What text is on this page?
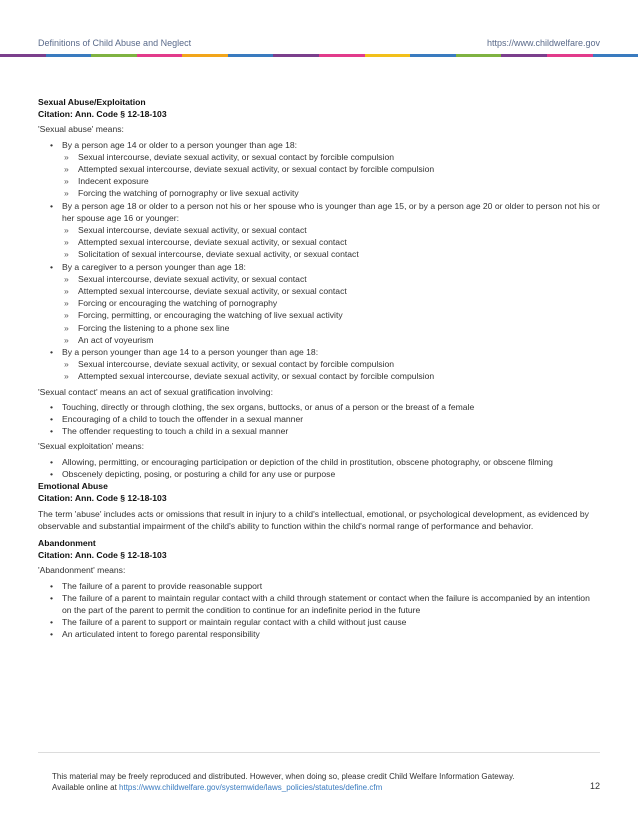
Definitions of Child Abuse and Neglect	https://www.childwelfare.gov
Sexual Abuse/Exploitation
Citation: Ann. Code § 12-18-103
'Sexual abuse' means:
• By a person age 14 or older to a person younger than age 18:
» Sexual intercourse, deviate sexual activity, or sexual contact by forcible compulsion
» Attempted sexual intercourse, deviate sexual activity, or sexual contact by forcible compulsion
» Indecent exposure
» Forcing the watching of pornography or live sexual activity
• By a person age 18 or older to a person not his or her spouse who is younger than age 15, or by a person age 20 or older to person not his or her spouse age 16 or younger:
» Sexual intercourse, deviate sexual activity, or sexual contact
» Attempted sexual intercourse, deviate sexual activity, or sexual contact
» Solicitation of sexual intercourse, deviate sexual activity, or sexual contact
• By a caregiver to a person younger than age 18:
» Sexual intercourse, deviate sexual activity, or sexual contact
» Attempted sexual intercourse, deviate sexual activity, or sexual contact
» Forcing or encouraging the watching of pornography
» Forcing, permitting, or encouraging the watching of live sexual activity
» Forcing the listening to a phone sex line
» An act of voyeurism
• By a person younger than age 14 to a person younger than age 18:
» Sexual intercourse, deviate sexual activity, or sexual contact by forcible compulsion
» Attempted sexual intercourse, deviate sexual activity, or sexual contact by forcible compulsion
'Sexual contact' means an act of sexual gratification involving:
• Touching, directly or through clothing, the sex organs, buttocks, or anus of a person or the breast of a female
• Encouraging of a child to touch the offender in a sexual manner
• The offender requesting to touch a child in a sexual manner
'Sexual exploitation' means:
• Allowing, permitting, or encouraging participation or depiction of the child in prostitution, obscene photography, or obscene filming
• Obscenely depicting, posing, or posturing a child for any use or purpose
Emotional Abuse
Citation: Ann. Code § 12-18-103
The term 'abuse' includes acts or omissions that result in injury to a child's intellectual, emotional, or psychological development, as evidenced by observable and substantial impairment of the child's ability to function within the child's normal range of performance and behavior.
Abandonment
Citation: Ann. Code § 12-18-103
'Abandonment' means:
• The failure of a parent to provide reasonable support
• The failure of a parent to maintain regular contact with a child through statement or contact when the failure is accompanied by an intention on the part of the parent to permit the condition to continue for an indefinite period in the future
• The failure of a parent to support or maintain regular contact with a child without just cause
• An articulated intent to forego parental responsibility
This material may be freely reproduced and distributed. However, when doing so, please credit Child Welfare Information Gateway.
Available online at https://www.childwelfare.gov/systemwide/laws_policies/statutes/define.cfm	12
